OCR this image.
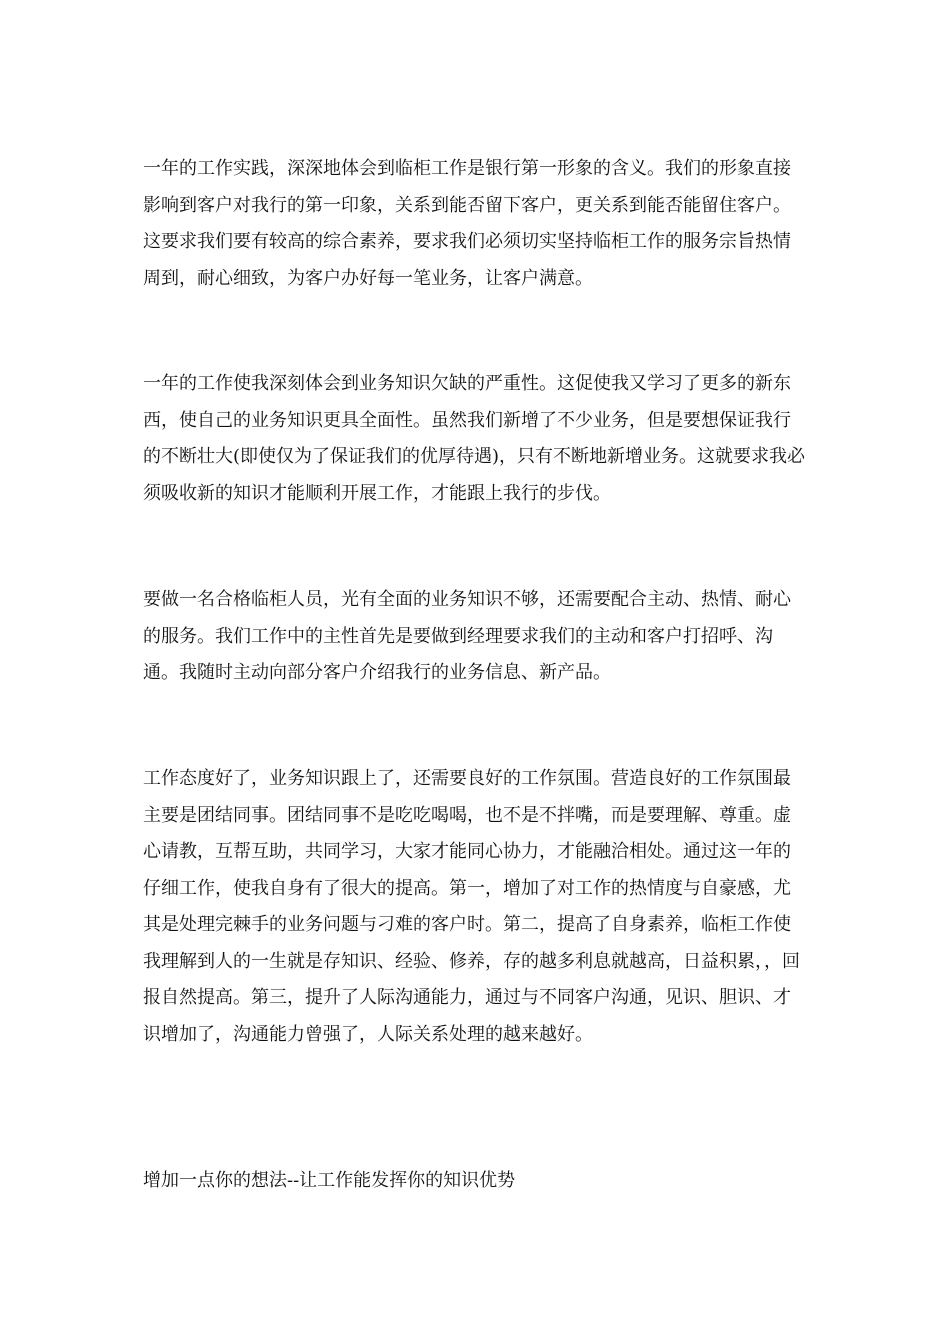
一年的工作实践，深深地体会到临柜工作是银行第一形象的含义。我们的形象直接影响到客户对我行的第一印象，关系到能否留下客户，更关系到能否能留住客户。这要求我们要有较高的综合素养，要求我们必须切实坚持临柜工作的服务宗旨热情周到，耐心细致，为客户办好每一笔业务，让客户满意。

一年的工作使我深刻体会到业务知识欠缺的严重性。这促使我又学习了更多的新东西，使自己的业务知识更具全面性。虽然我们新增了不少业务，但是要想保证我行的不断壮大(即使仅为了保证我们的优厚待遇)，只有不断地新增业务。这就要求我必须吸收新的知识才能顺利开展工作，才能跟上我行的步伐。

要做一名合格临柜人员，光有全面的业务知识不够，还需要配合主动、热情、耐心的服务。我们工作中的主性首先是要做到经理要求我们的主动和客户打招呼、沟通。我随时主动向部分客户介绍我行的业务信息、新产品。

工作态度好了，业务知识跟上了，还需要良好的工作氛围。营造良好的工作氛围最主要是团结同事。团结同事不是吃吃喝喝，也不是不拌嘴，而是要理解、尊重。虚心请教，互帮互助，共同学习，大家才能同心协力，才能融洽相处。通过这一年的仔细工作，使我自身有了很大的提高。第一，增加了对工作的热情度与自豪感，尤其是处理完棘手的业务问题与刁难的客户时。第二，提高了自身素养，临柜工作使我理解到人的一生就是存知识、经验、修养，存的越多利息就越高，日益积累，，回报自然提高。第三，提升了人际沟通能力，通过与不同客户沟通，见识、胆识、才识增加了，沟通能力曾强了，人际关系处理的越来越好。

增加一点你的想法--让工作能发挥你的知识优势
